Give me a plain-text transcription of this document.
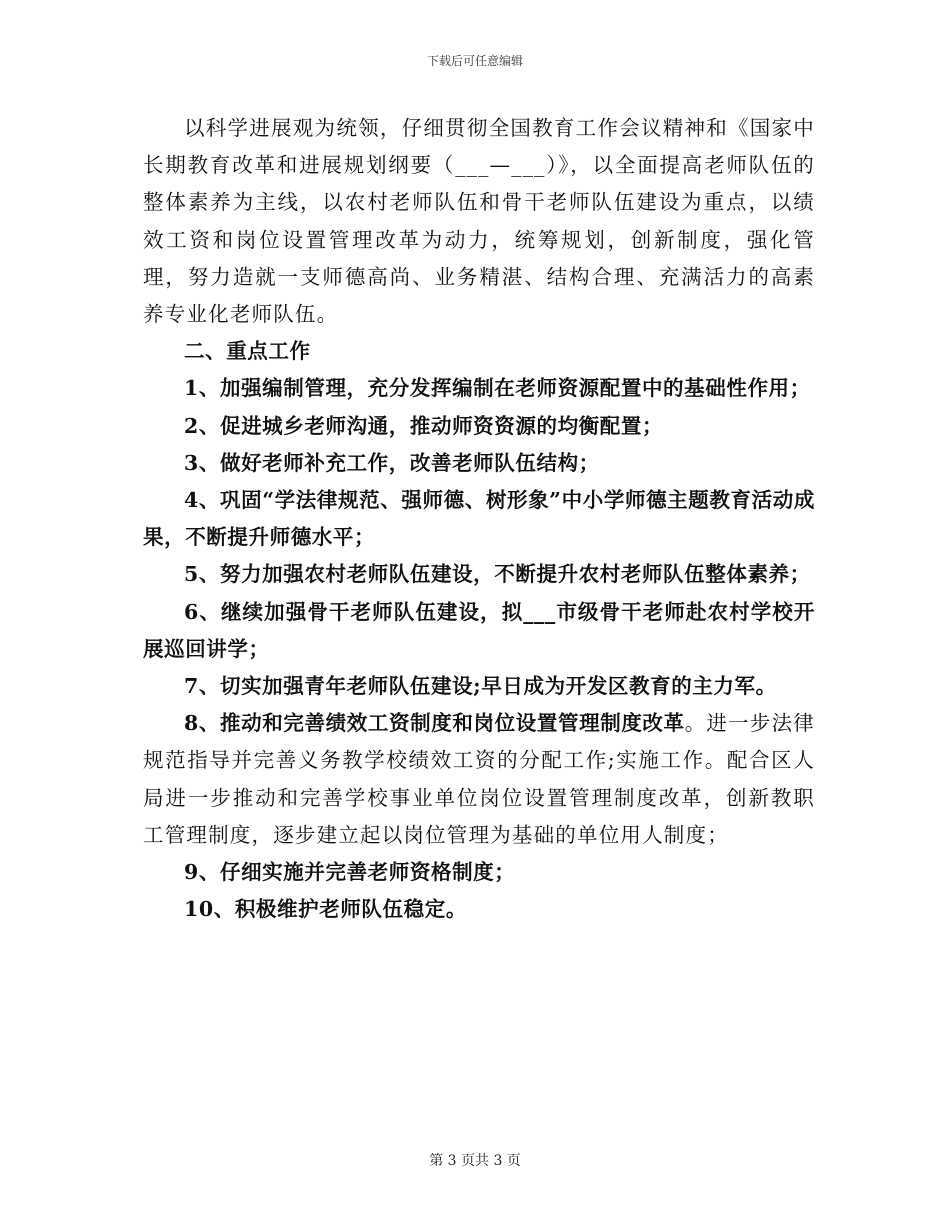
下载后可任意编辑

以科学进展观为统领，仔细贯彻全国教育工作会议精神和《国家中长期教育改革和进展规划纲要（___—___）》，以全面提高老师队伍的整体素养为主线，以农村老师队伍和骨干老师队伍建设为重点，以绩效工资和岗位设置管理改革为动力，统筹规划，创新制度，强化管理，努力造就一支师德高尚、业务精湛、结构合理、充满活力的高素养专业化老师队伍。

二、重点工作

1、加强编制管理，充分发挥编制在老师资源配置中的基础性作用；

2、促进城乡老师沟通，推动师资资源的均衡配置；

3、做好老师补充工作，改善老师队伍结构；

4、巩固“学法律规范、强师德、树形象”中小学师德主题教育活动成果，不断提升师德水平；

5、努力加强农村老师队伍建设，不断提升农村老师队伍整体素养；

6、继续加强骨干老师队伍建设，拟___市级骨干老师赴农村学校开展巡回讲学；

7、切实加强青年老师队伍建设;早日成为开发区教育的主力军。

8、推动和完善绩效工资制度和岗位设置管理制度改革。进一步法律规范指导并完善义务教学校绩效工资的分配工作;实施工作。配合区人局进一步推动和完善学校事业单位岗位设置管理制度改革，创新教职工管理制度，逐步建立起以岗位管理为基础的单位用人制度；

9、仔细实施并完善老师资格制度；

10、积极维护老师队伍稳定。

第 3 页共 3 页
